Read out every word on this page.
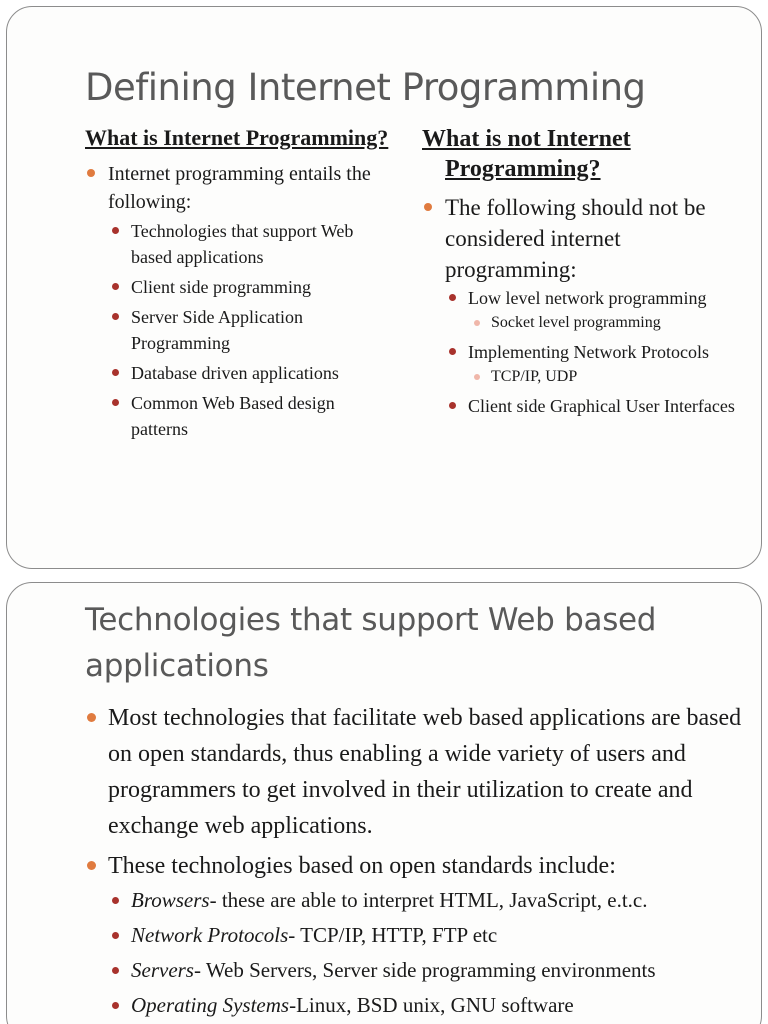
Defining Internet Programming

What is Internet Programming?

Internet programming entails the following:
Technologies that support Web based applications
Client side programming
Server Side Application Programming
Database driven applications
Common Web Based design patterns

What is not Internet Programming?

The following should not be considered internet programming:
Low level network programming
Socket level programming
Implementing Network Protocols
TCP/IP, UDP
Client side Graphical User Interfaces
Technologies that support Web based applications
Most technologies that facilitate web based applications are based on open standards, thus enabling a wide variety of users and programmers to get involved in their utilization to create and exchange web applications.
These technologies based on open standards include:
Browsers- these are able to interpret HTML, JavaScript, e.t.c.
Network Protocols- TCP/IP, HTTP, FTP etc
Servers- Web Servers, Server side programming environments
Operating Systems-Linux, BSD unix, GNU software
